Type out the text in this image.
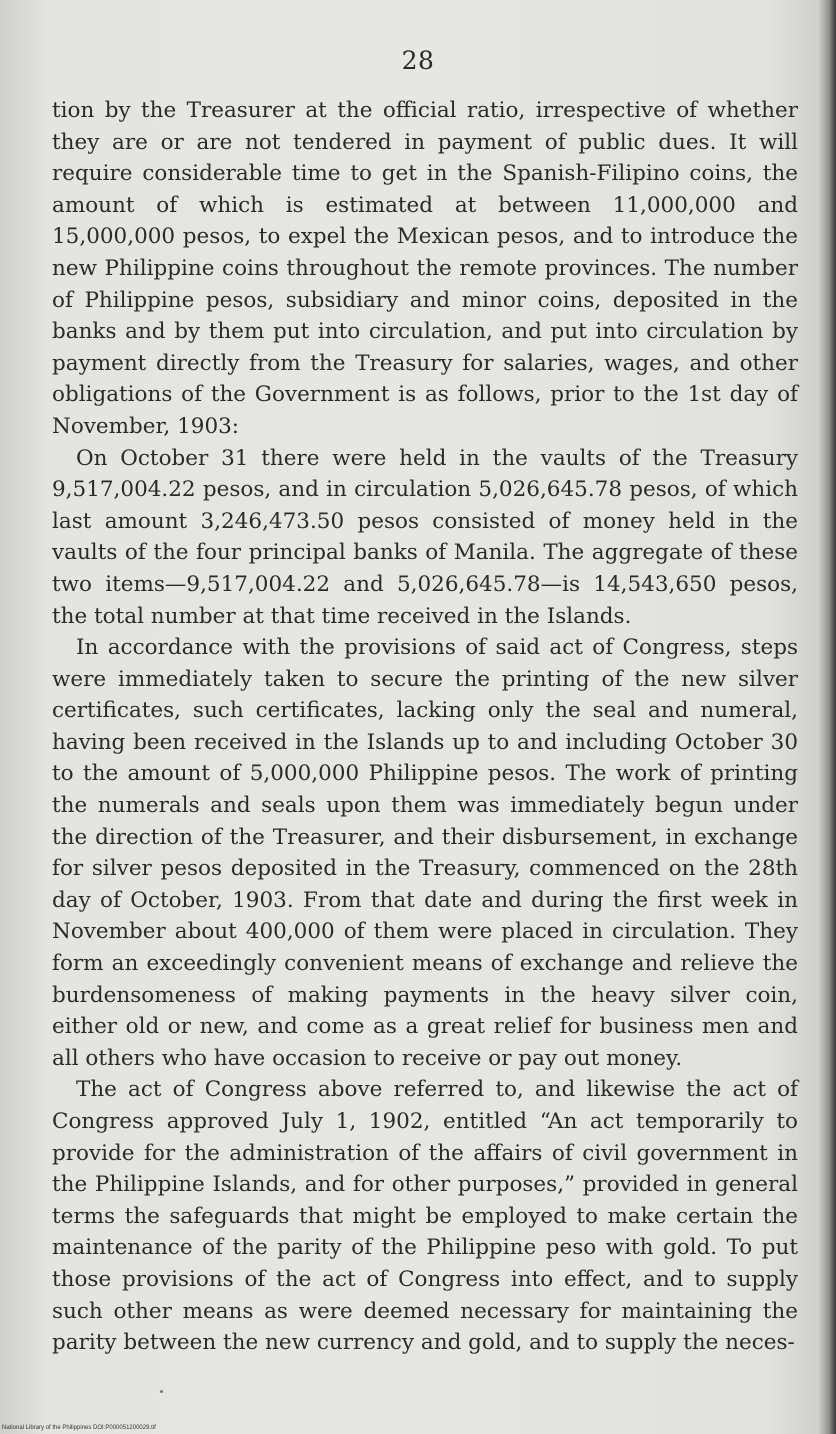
28

tion by the Treasurer at the official ratio, irrespective of whether they are or are not tendered in payment of public dues. It will require considerable time to get in the Spanish-Filipino coins, the amount of which is estimated at between 11,000,000 and 15,000,000 pesos, to expel the Mexican pesos, and to introduce the new Philippine coins throughout the remote provinces. The number of Philippine pesos, subsidiary and minor coins, deposited in the banks and by them put into circulation, and put into circulation by payment directly from the Treasury for salaries, wages, and other obligations of the Government is as follows, prior to the 1st day of November, 1903:

On October 31 there were held in the vaults of the Treasury 9,517,004.22 pesos, and in circulation 5,026,645.78 pesos, of which last amount 3,246,473.50 pesos consisted of money held in the vaults of the four principal banks of Manila. The aggregate of these two items—9,517,004.22 and 5,026,645.78—is 14,543,650 pesos, the total number at that time received in the Islands.

In accordance with the provisions of said act of Congress, steps were immediately taken to secure the printing of the new silver certificates, such certificates, lacking only the seal and numeral, having been received in the Islands up to and including October 30 to the amount of 5,000,000 Philippine pesos. The work of printing the numerals and seals upon them was immediately begun under the direction of the Treasurer, and their disbursement, in exchange for silver pesos deposited in the Treasury, commenced on the 28th day of October, 1903. From that date and during the first week in November about 400,000 of them were placed in circulation. They form an exceedingly convenient means of exchange and relieve the burdensomeness of making payments in the heavy silver coin, either old or new, and come as a great relief for business men and all others who have occasion to receive or pay out money.

The act of Congress above referred to, and likewise the act of Congress approved July 1, 1902, entitled “An act temporarily to provide for the administration of the affairs of civil government in the Philippine Islands, and for other purposes,” provided in general terms the safeguards that might be employed to make certain the maintenance of the parity of the Philippine peso with gold. To put those provisions of the act of Congress into effect, and to supply such other means as were deemed necessary for maintaining the parity between the new currency and gold, and to supply the neces-

National Library of the Philippines DOI:P000051200029.tif
